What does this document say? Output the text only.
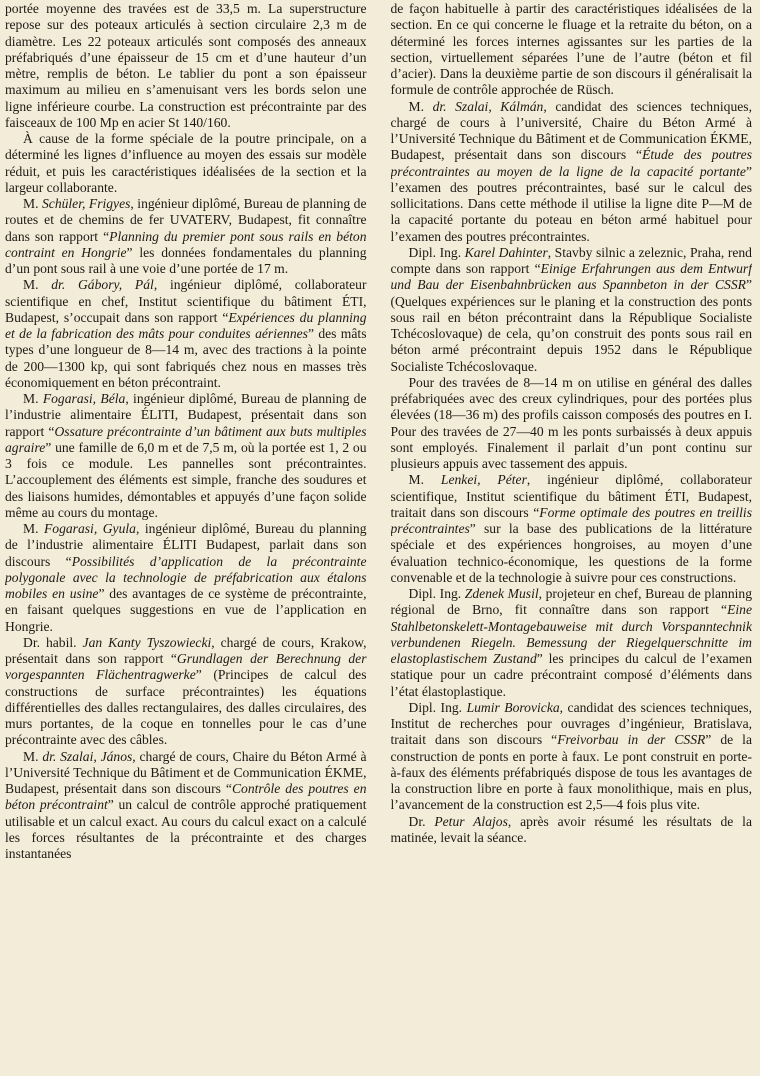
portée moyenne des travées est de 33,5 m. La superstructure repose sur des poteaux articulés à section circulaire 2,3 m de diamètre. Les 22 poteaux articulés sont composés des anneaux préfabriqués d’une épaisseur de 15 cm et d’une hauteur d’un mètre, remplis de béton. Le tablier du pont a son épaisseur maximum au milieu en s’amenuisant vers les bords selon une ligne inférieure courbe. La construction est précontrainte par des faisceaux de 100 Mp en acier St 140/160.

À cause de la forme spéciale de la poutre principale, on a déterminé les lignes d’influence au moyen des essais sur modèle réduit, et puis les caractéristiques idéalisées de la section et la largeur collaborante.

M. Schüler, Frigyes, ingénieur diplômé, Bureau de planning de routes et de chemins de fer UVATERV, Budapest, fit connaître dans son rapport “Planning du premier pont sous rails en béton contraint en Hongrie” les données fondamentales du planning d’un pont sous rail à une voie d’une portée de 17 m.

M. dr. Gábory, Pál, ingénieur diplômé, collaborateur scientifique en chef, Institut scientifique du bâtiment ÉTI, Budapest, s’occupait dans son rapport “Expériences du planning et de la fabrication des mâts pour conduites aériennes” des mâts types d’une longueur de 8—14 m, avec des tractions à la pointe de 200—1300 kp, qui sont fabriqués chez nous en masses très économiquement en béton précontraint.

M. Fogarasi, Béla, ingénieur diplômé, Bureau de planning de l’industrie alimentaire ÉLITI, Budapest, présentait dans son rapport “Ossature précontrainte d’un bâtiment aux buts multiples agraire” une famille de 6,0 m et de 7,5 m, où la portée est 1, 2 ou 3 fois ce module. Les pannelles sont précontraintes. L’accouplement des éléments est simple, franche des soudures et des liaisons humides, démontables et appuyés d’une façon solide même au cours du montage.

M. Fogarasi, Gyula, ingénieur diplômé, Bureau du planning de l’industrie alimentaire ÉLITI Budapest, parlait dans son discours “Possibilités d’application de la précontrainte polygonale avec la technologie de préfabrication aux étalons mobiles en usine” des avantages de ce système de précontrainte, en faisant quelques suggestions en vue de l’application en Hongrie.

Dr. habil. Jan Kanty Tyszowiecki, chargé de cours, Krakow, présentait dans son rapport “Grundlagen der Berechnung der vorgespannten Flächentragwerke” (Principes de calcul des constructions de surface précontraintes) les équations différentielles des dalles rectangulaires, des dalles circulaires, des murs portantes, de la coque en tonnelles pour le cas d’une précontrainte avec des câbles.

M. dr. Szalai, János, chargé de cours, Chaire du Béton Armé à l’Université Technique du Bâtiment et de Communication ÉKME, Budapest, présentait dans son discours “Contrôle des poutres en béton précontraint” un calcul de contrôle approché pratiquement utilisable et un calcul exact. Au cours du calcul exact on a calculé les forces résultantes de la précontrainte et des charges instantanées

de façon habituelle à partir des caractéristiques idéalisées de la section. En ce qui concerne le fluage et la retraite du béton, on a déterminé les forces internes agissantes sur les parties de la section, virtuellement séparées l’une de l’autre (béton et fil d’acier). Dans la deuxième partie de son discours il généralisait la formule de contrôle approchée de Rüsch.

M. dr. Szalai, Kálmán, candidat des sciences techniques, chargé de cours à l’université, Chaire du Béton Armé à l’Université Technique du Bâtiment et de Communication ÉKME, Budapest, présentait dans son discours “Étude des poutres précontraintes au moyen de la ligne de la capacité portante” l’examen des poutres précontraintes, basé sur le calcul des sollicitations. Dans cette méthode il utilise la ligne dite P—M de la capacité portante du poteau en béton armé habituel pour l’examen des poutres précontraintes.

Dipl. Ing. Karel Dahinter, Stavby silnic a zeleznic, Praha, rend compte dans son rapport “Einige Erfahrungen aus dem Entwurf und Bau der Eisenbahnbrücken aus Spannbeton in der CSSR” (Quelques expériences sur le planing et la construction des ponts sous rail en béton précontraint dans la République Socialiste Tchécoslovaque) de cela, qu’on construit des ponts sous rail en béton armé précontraint depuis 1952 dans le République Socialiste Tchécoslovaque.

Pour des travées de 8—14 m on utilise en général des dalles préfabriquées avec des creux cylindriques, pour des portées plus élevées (18—36 m) des profils caisson composés des poutres en I. Pour des travées de 27—40 m les ponts surbaissés à deux appuis sont employés. Finalement il parlait d’un pont continu sur plusieurs appuis avec tassement des appuis.

M. Lenkei, Péter, ingénieur diplômé, collaborateur scientifique, Institut scientifique du bâtiment ÉTI, Budapest, traitait dans son discours “Forme optimale des poutres en treillis précontraintes” sur la base des publications de la littérature spéciale et des expériences hongroises, au moyen d’une évaluation technico-économique, les questions de la forme convenable et de la technologie à suivre pour ces constructions.

Dipl. Ing. Zdenek Musil, projeteur en chef, Bureau de planning régional de Brno, fit connaître dans son rapport “Eine Stahlbetonskelett-Montagebauweise mit durch Vorspanntechnik verbundenen Riegeln. Bemessung der Riegelquerschnitte im elastoplastischem Zustand” les principes du calcul de l’examen statique pour un cadre précontraint composé d’éléments dans l’état élastoplastique.

Dipl. Ing. Lumir Borovicka, candidat des sciences techniques, Institut de recherches pour ouvrages d’ingénieur, Bratislava, traitait dans son discours “Freivorbau in der CSSR” de la construction de ponts en porte à faux. Le pont construit en porte-à-faux des éléments préfabriqués dispose de tous les avantages de la construction libre en porte à faux monolithique, mais en plus, l’avancement de la construction est 2,5—4 fois plus vite.

Dr. Petur Alajos, après avoir résumé les résultats de la matinée, levait la séance.
